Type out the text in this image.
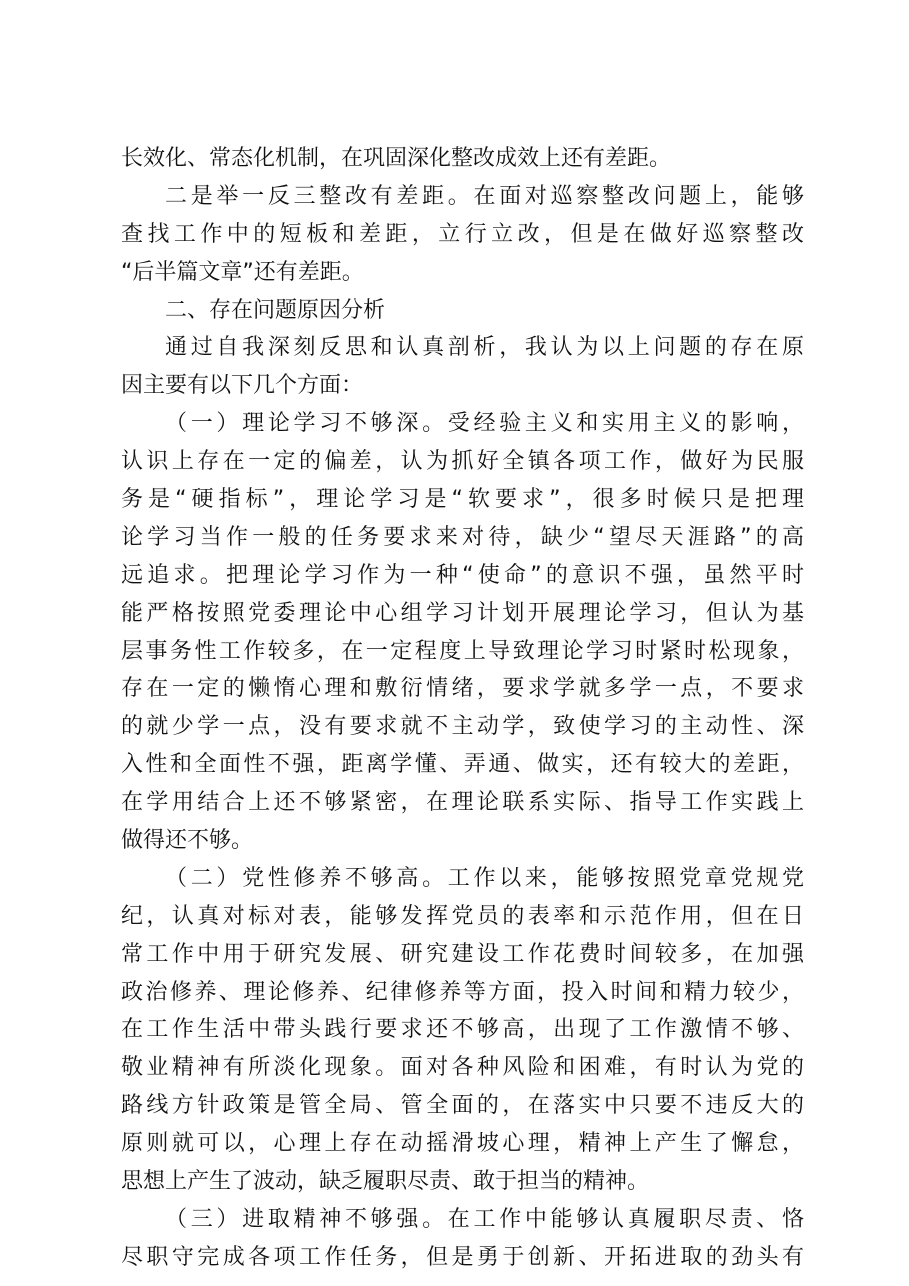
长效化、常态化机制，在巩固深化整改成效上还有差距。
二是举一反三整改有差距。在面对巡察整改问题上，能够
查找工作中的短板和差距，立行立改，但是在做好巡察整改
“后半篇文章”还有差距。
二、存在问题原因分析
通过自我深刻反思和认真剖析，我认为以上问题的存在原
因主要有以下几个方面：
（一）理论学习不够深。受经验主义和实用主义的影响，
认识上存在一定的偏差，认为抓好全镇各项工作，做好为民服
务是“硬指标”，理论学习是“软要求”，很多时候只是把理
论学习当作一般的任务要求来对待，缺少“望尽天涯路”的高
远追求。把理论学习作为一种“使命”的意识不强，虽然平时
能严格按照党委理论中心组学习计划开展理论学习，但认为基
层事务性工作较多，在一定程度上导致理论学习时紧时松现象，
存在一定的懒惰心理和敷衍情绪，要求学就多学一点，不要求
的就少学一点，没有要求就不主动学，致使学习的主动性、深
入性和全面性不强，距离学懂、弄通、做实，还有较大的差距，
在学用结合上还不够紧密，在理论联系实际、指导工作实践上
做得还不够。
（二）党性修养不够高。工作以来，能够按照党章党规党
纪，认真对标对表，能够发挥党员的表率和示范作用，但在日
常工作中用于研究发展、研究建设工作花费时间较多，在加强
政治修养、理论修养、纪律修养等方面，投入时间和精力较少，
在工作生活中带头践行要求还不够高，出现了工作激情不够、
敬业精神有所淡化现象。面对各种风险和困难，有时认为党的
路线方针政策是管全局、管全面的，在落实中只要不违反大的
原则就可以，心理上存在动摇滑坡心理，精神上产生了懈怠，
思想上产生了波动，缺乏履职尽责、敢于担当的精神。
（三）进取精神不够强。在工作中能够认真履职尽责、恪
尽职守完成各项工作任务，但是勇于创新、开拓进取的劲头有
